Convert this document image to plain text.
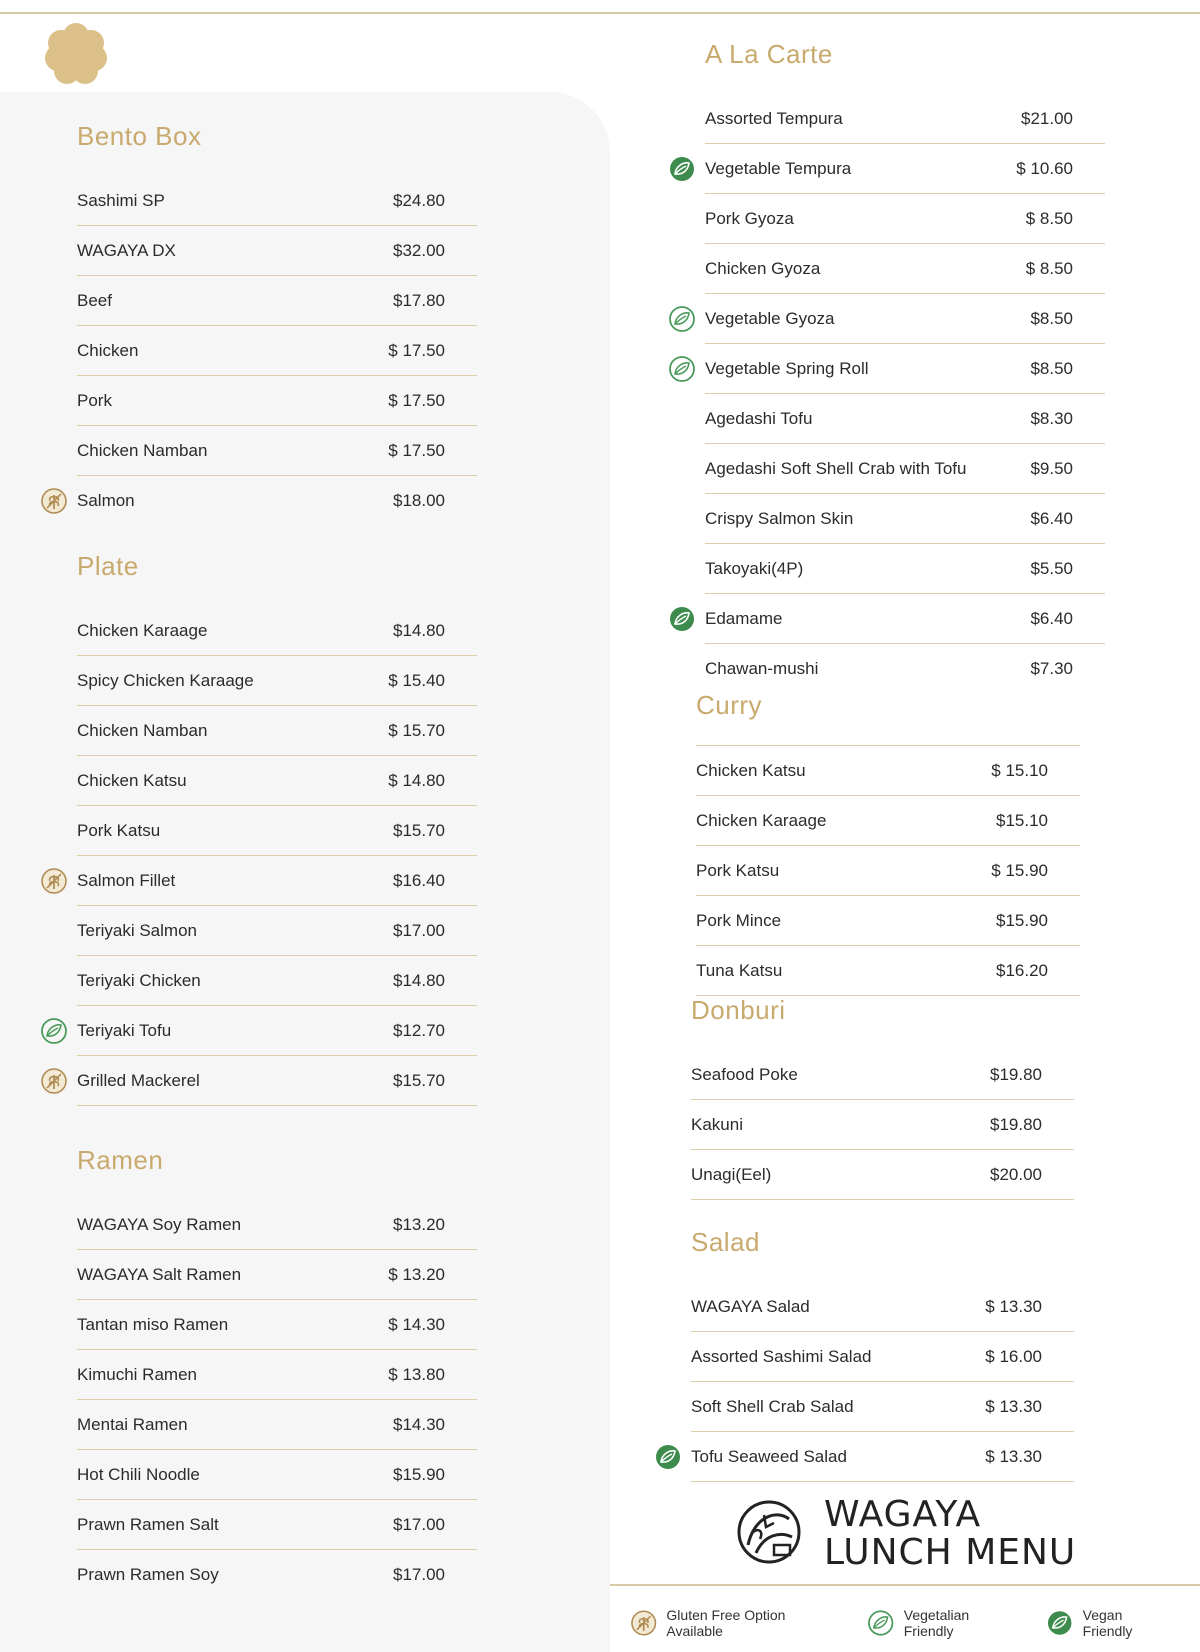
Bento Box
Sashimi SP	$24.80
WAGAYA DX	$32.00
Beef	$17.80
Chicken	$ 17.50
Pork	$ 17.50
Chicken Namban	$ 17.50
Salmon	$18.00
Plate
Chicken Karaage	$14.80
Spicy Chicken Karaage	$ 15.40
Chicken Namban	$ 15.70
Chicken Katsu	$ 14.80
Pork Katsu	$15.70
Salmon Fillet	$16.40
Teriyaki Salmon	$17.00
Teriyaki Chicken	$14.80
Teriyaki Tofu	$12.70
Grilled Mackerel	$15.70
Ramen
WAGAYA Soy Ramen	$13.20
WAGAYA Salt Ramen	$ 13.20
Tantan miso Ramen	$ 14.30
Kimuchi Ramen	$ 13.80
Mentai Ramen	$14.30
Hot Chili Noodle	$15.90
Prawn Ramen Salt	$17.00
Prawn Ramen Soy	$17.00
A La Carte
Assorted Tempura	$21.00
Vegetable Tempura	$ 10.60
Pork Gyoza	$ 8.50
Chicken Gyoza	$ 8.50
Vegetable Gyoza	$8.50
Vegetable Spring Roll	$8.50
Agedashi Tofu	$8.30
Agedashi Soft Shell Crab with Tofu	$9.50
Crispy Salmon Skin	$6.40
Takoyaki(4P)	$5.50
Edamame	$6.40
Chawan-mushi	$7.30
Curry
Chicken Katsu	$ 15.10
Chicken Karaage	$15.10
Pork Katsu	$ 15.90
Pork Mince	$15.90
Tuna Katsu	$16.20
Donburi
Seafood Poke	$19.80
Kakuni	$19.80
Unagi(Eel)	$20.00
Salad
WAGAYA Salad	$ 13.30
Assorted Sashimi Salad	$ 16.00
Soft Shell Crab Salad	$ 13.30
Tofu Seaweed Salad	$ 13.30
WAGAYA
LUNCH MENU
Gluten Free Option Available
Vegetalian Friendly
Vegan Friendly
